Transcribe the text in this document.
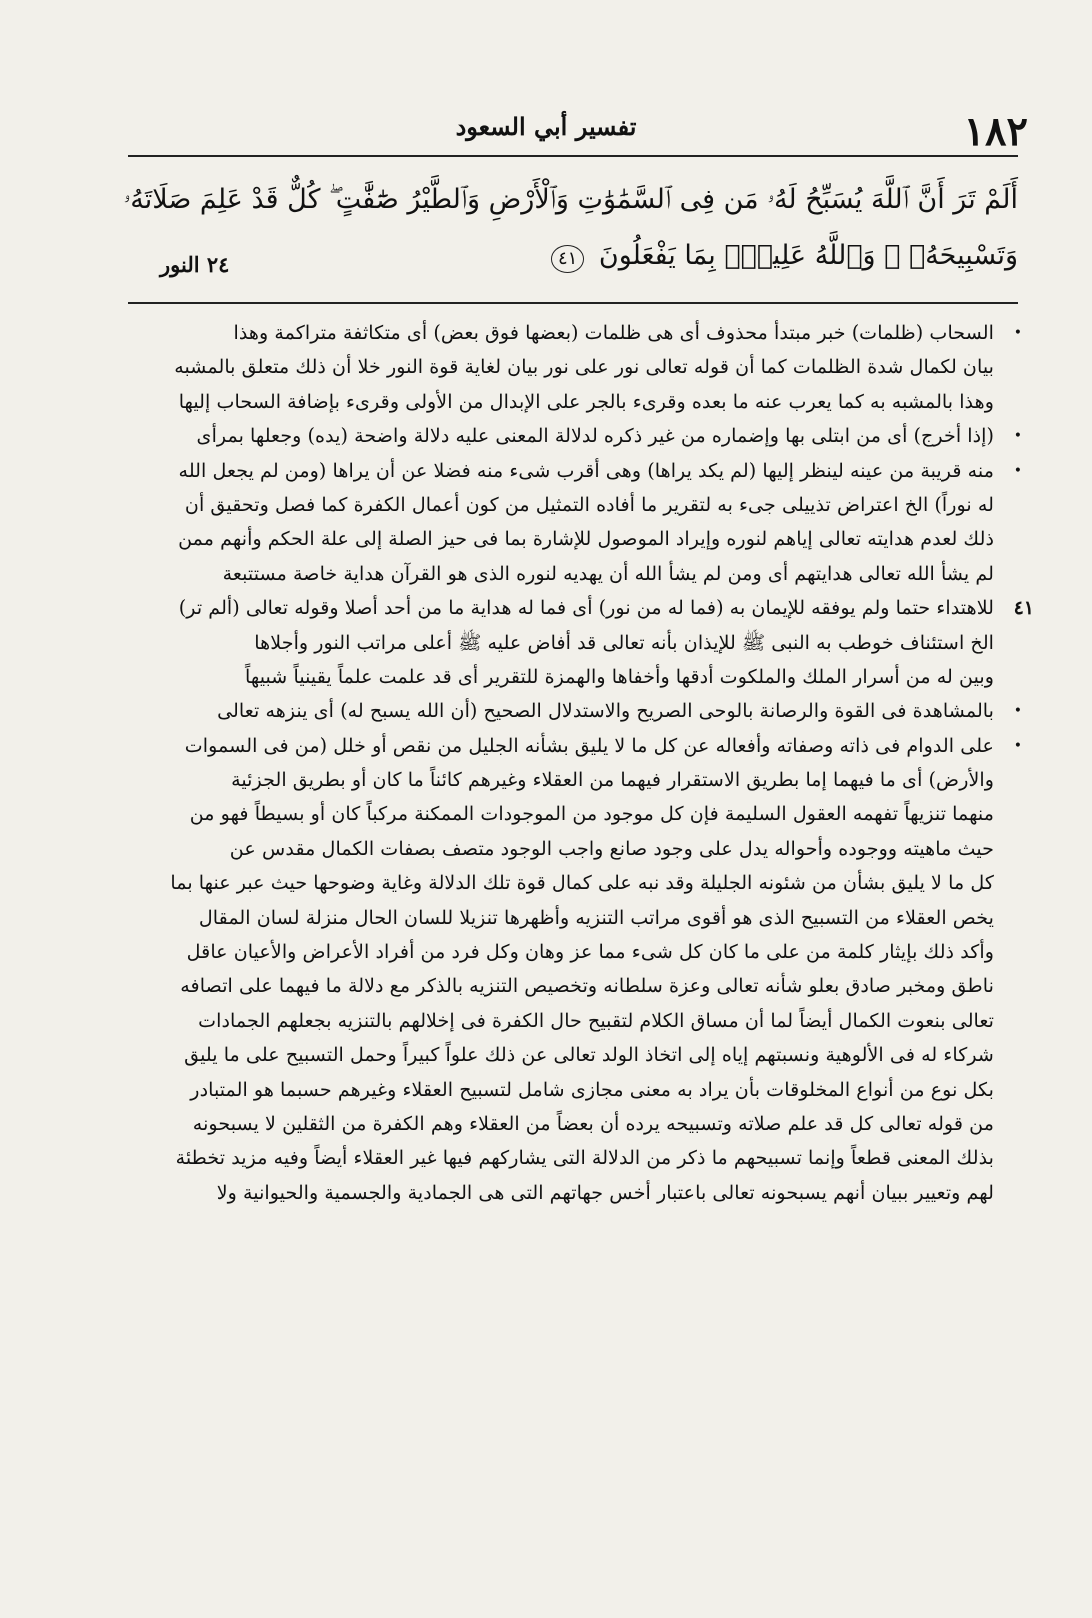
١٨٢
تفسير أبي السعود
أَلَمْ تَرَ أَنَّ ٱللَّهَ يُسَبِّحُ لَهُۥ مَن فِى ٱلسَّمَٰوَٰتِ وَٱلْأَرْضِ وَٱلطَّيْرُ صَٰٓفَّٰتٍ ۖ كُلٌّ قَدْ عَلِمَ صَلَاتَهُۥ
وَتَسْبِيحَهُۥ ۗ وَٱللَّهُ عَلِيمٌۢ بِمَا يَفْعَلُونَ ٤١
٢٤ النور
•
السحاب (ظلمات) خبر مبتدأ محذوف أى هى ظلمات (بعضها فوق بعض) أى متكاثفة متراكمة وهذا
بيان لكمال شدة الظلمات كما أن قوله تعالى نور على نور بيان لغاية قوة النور خلا أن ذلك متعلق بالمشبه
وهذا بالمشبه به كما يعرب عنه ما بعده وقرىء بالجر على الإبدال من الأولى وقرىء بإضافة السحاب إليها
•
(إذا أخرج) أى من ابتلى بها وإضماره من غير ذكره لدلالة المعنى عليه دلالة واضحة (يده) وجعلها بمرأى
•
منه قريبة من عينه لينظر إليها (لم يكد يراها) وهى أقرب شىء منه فضلا عن أن يراها (ومن لم يجعل الله
له نوراً) الخ اعتراض تذييلى جىء به لتقرير ما أفاده التمثيل من كون أعمال الكفرة كما فصل وتحقيق أن
ذلك لعدم هدايته تعالى إياهم لنوره وإيراد الموصول للإشارة بما فى حيز الصلة إلى علة الحكم وأنهم ممن
لم يشأ الله تعالى هدايتهم أى ومن لم يشأ الله أن يهديه لنوره الذى هو القرآن هداية خاصة مستتبعة
٤١
للاهتداء حتما ولم يوفقه للإيمان به (فما له من نور) أى فما له هداية ما من أحد أصلا وقوله تعالى (ألم تر)
الخ استئناف خوطب به النبى ﷺ للإيذان بأنه تعالى قد أفاض عليه ﷺ أعلى مراتب النور وأجلاها
وبين له من أسرار الملك والملكوت أدقها وأخفاها والهمزة للتقرير أى قد علمت علماً يقينياً شبيهاً
•
بالمشاهدة فى القوة والرصانة بالوحى الصريح والاستدلال الصحيح (أن الله يسبح له) أى ينزهه تعالى
•
على الدوام فى ذاته وصفاته وأفعاله عن كل ما لا يليق بشأنه الجليل من نقص أو خلل (من فى السموات
والأرض) أى ما فيهما إما بطريق الاستقرار فيهما من العقلاء وغيرهم كائناً ما كان أو بطريق الجزئية
منهما تنزيهاً تفهمه العقول السليمة فإن كل موجود من الموجودات الممكنة مركباً كان أو بسيطاً فهو من
حيث ماهيته ووجوده وأحواله يدل على وجود صانع واجب الوجود متصف بصفات الكمال مقدس عن
كل ما لا يليق بشأن من شئونه الجليلة وقد نبه على كمال قوة تلك الدلالة وغاية وضوحها حيث عبر عنها بما
يخص العقلاء من التسبيح الذى هو أقوى مراتب التنزيه وأظهرها تنزيلا للسان الحال منزلة لسان المقال
وأكد ذلك بإيثار كلمة من على ما كان كل شىء مما عز وهان وكل فرد من أفراد الأعراض والأعيان عاقل
ناطق ومخبر صادق بعلو شأنه تعالى وعزة سلطانه وتخصيص التنزيه بالذكر مع دلالة ما فيهما على اتصافه
تعالى بنعوت الكمال أيضاً لما أن مساق الكلام لتقبيح حال الكفرة فى إخلالهم بالتنزيه بجعلهم الجمادات
شركاء له فى الألوهية ونسبتهم إياه إلى اتخاذ الولد تعالى عن ذلك علواً كبيراً وحمل التسبيح على ما يليق
بكل نوع من أنواع المخلوقات بأن يراد به معنى مجازى شامل لتسبيح العقلاء وغيرهم حسبما هو المتبادر
من قوله تعالى كل قد علم صلاته وتسبيحه يرده أن بعضاً من العقلاء وهم الكفرة من الثقلين لا يسبحونه
بذلك المعنى قطعاً وإنما تسبيحهم ما ذكر من الدلالة التى يشاركهم فيها غير العقلاء أيضاً وفيه مزيد تخطئة
لهم وتعيير ببيان أنهم يسبحونه تعالى باعتبار أخس جهاتهم التى هى الجمادية والجسمية والحيوانية ولا
